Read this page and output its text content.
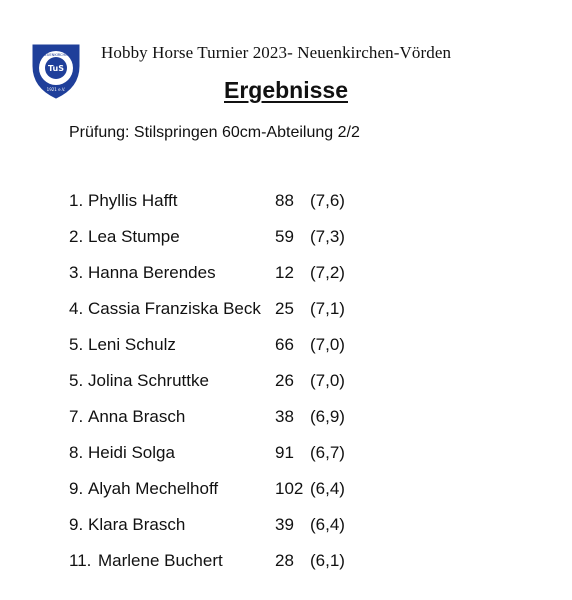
TuS
1921 e.V.
NEUENKIRCHEN Hobby Horse Turnier 2023- Neuenkirchen-Vörden
Ergebnisse
Prüfung: Stilspringen 60cm-Abteilung 2/2
1. Phyllis Hafft	88 (7,6)
2. Lea Stumpe	59 (7,3)
3. Hanna Berendes	12 (7,2)
4. Cassia Franziska Beck 25 (7,1)
5. Leni Schulz	66 (7,0)
5. Jolina Schruttke	26 (7,0)
7. Anna Brasch	38 (6,9)
8. Heidi Solga	91 (6,7)
9. Alyah Mechelhoff	102 (6,4)
9. Klara Brasch	39 (6,4)
11. Marlene Buchert	28 (6,1)
